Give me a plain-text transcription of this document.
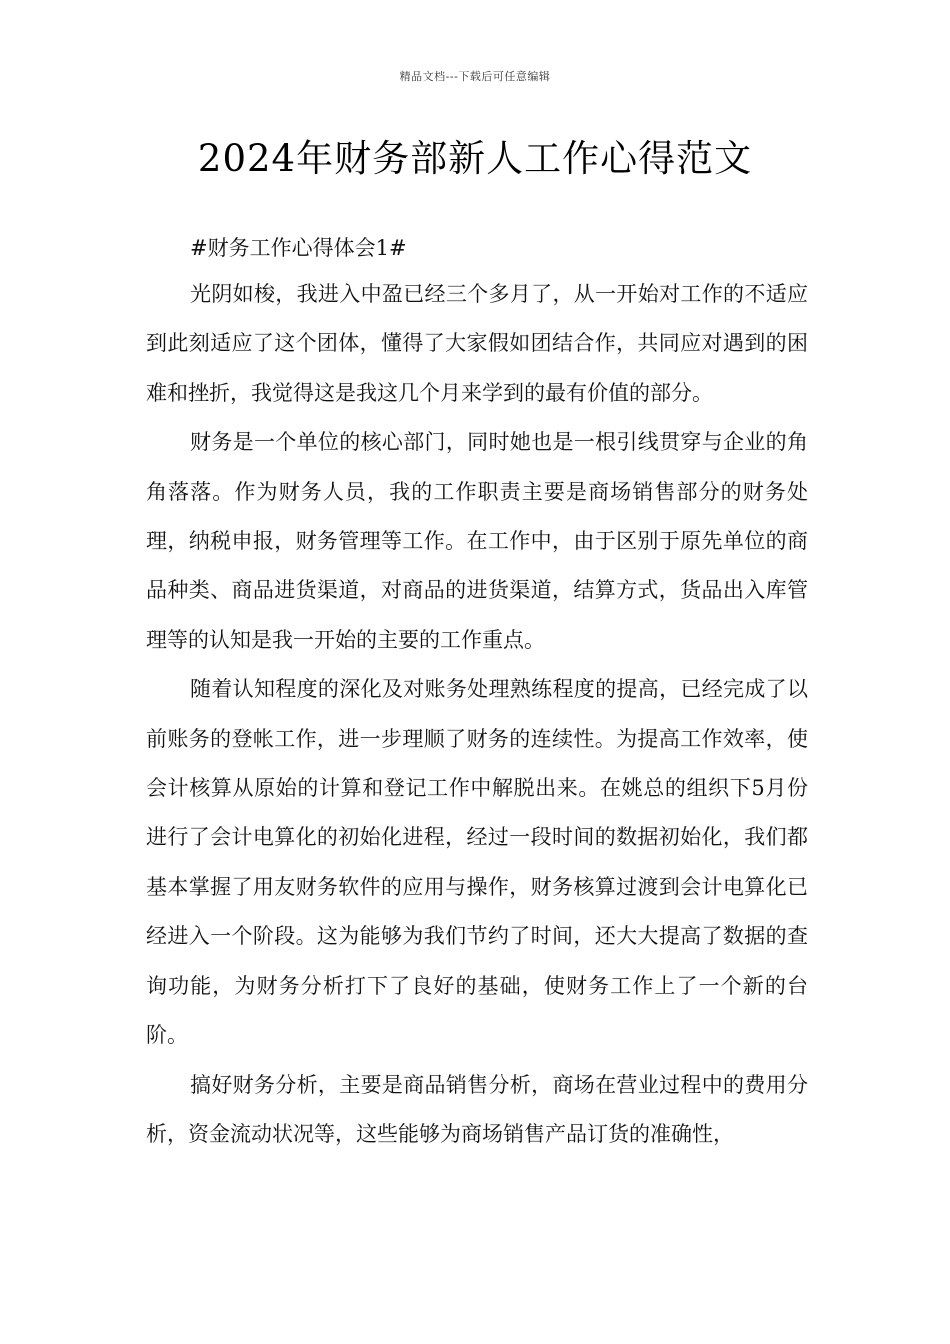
精品文档---下载后可任意编辑
2024年财务部新人工作心得范文
#财务工作心得体会1#

光阴如梭，我进入中盈已经三个多月了，从一开始对工作的不适应到此刻适应了这个团体，懂得了大家假如团结合作，共同应对遇到的困难和挫折，我觉得这是我这几个月来学到的最有价值的部分。

财务是一个单位的核心部门，同时她也是一根引线贯穿与企业的角角落落。作为财务人员，我的工作职责主要是商场销售部分的财务处理，纳税申报，财务管理等工作。在工作中，由于区别于原先单位的商品种类、商品进货渠道，对商品的进货渠道，结算方式，货品出入库管理等的认知是我一开始的主要的工作重点。

随着认知程度的深化及对账务处理熟练程度的提高，已经完成了以前账务的登帐工作，进一步理顺了财务的连续性。为提高工作效率，使会计核算从原始的计算和登记工作中解脱出来。在姚总的组织下5月份进行了会计电算化的初始化进程，经过一段时间的数据初始化，我们都基本掌握了用友财务软件的应用与操作，财务核算过渡到会计电算化已经进入一个阶段。这为能够为我们节约了时间，还大大提高了数据的查询功能，为财务分析打下了良好的基础，使财务工作上了一个新的台阶。

搞好财务分析，主要是商品销售分析，商场在营业过程中的费用分析，资金流动状况等，这些能够为商场销售产品订货的准确性，
